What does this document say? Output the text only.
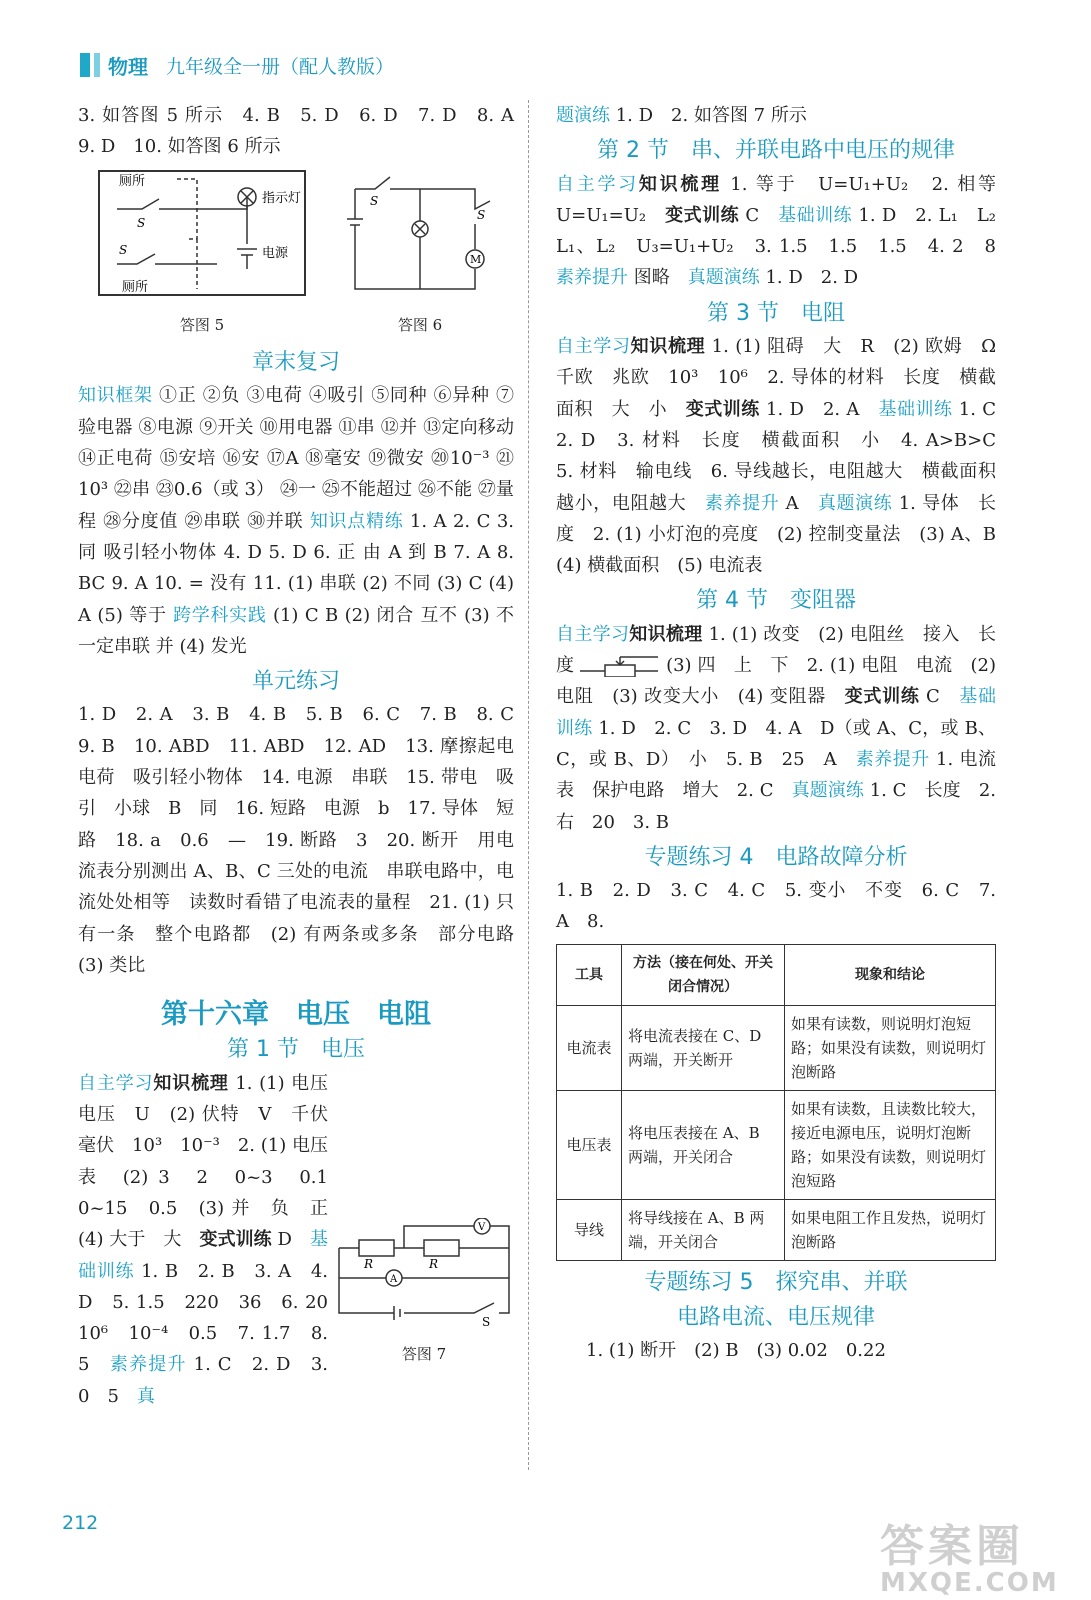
物理 九年级全一册（配人教版）

3. 如答图 5 所示　4. B　5. D　6. D　7. D　8. A　9. D　10. 如答图 6 所示

厕所
S
指示灯
S	电源
厕所
答图 5
S
S
M
答图 6
章末复习

知识框架 ①正 ②负 ③电荷 ④吸引 ⑤同种 ⑥异种 ⑦验电器 ⑧电源 ⑨开关 ⑩用电器 ⑪串 ⑫并 ⑬定向移动 ⑭正电荷 ⑮安培 ⑯安 ⑰A ⑱毫安 ⑲微安 ⑳10⁻³ ㉑10³ ㉒串 ㉓0.6（或 3） ㉔一 ㉕不能超过 ㉖不能 ㉗量程 ㉘分度值 ㉙串联 ㉚并联 知识点精练 1. A 2. C 3. 同 吸引轻小物体 4. D 5. D 6. 正 由 A 到 B 7. A 8. BC 9. A 10. = 没有 11. (1) 串联 (2) 不同 (3) C (4) A (5) 等于 跨学科实践 (1) C B (2) 闭合 互不 (3) 不一定串联 并 (4) 发光

单元练习

1. D　2. A　3. B　4. B　5. B　6. C　7. B　8. C　9. B　10. ABD　11. ABD　12. AD　13. 摩擦起电　电荷　吸引轻小物体　14. 电源　串联　15. 带电　吸引　小球　B　同　16. 短路　电源　b　17. 导体　短路　18. a　0.6　—　19. 断路　3　20. 断开　用电流表分别测出 A、B、C 三处的电流　串联电路中，电流处处相等　读数时看错了电流表的量程　21. (1) 只有一条　整个电路都　(2) 有两条或多条　部分电路　(3) 类比

第十六章　电压　电阻
第 1 节　电压

自主学习知识梳理 1. (1) 电压　电压　U　(2) 伏特　V　千伏　毫伏　10³　10⁻³　2. (1) 电压表　(2) 3　2　0~3　0.1　0~15　0.5　(3) 并　负　正　(4) 大于　大　变式训练 D　基础训练 1. B　2. B　3. A　4. D　5. 1.5　220　36　6. 20　10⁶　10⁻⁴　0.5　7. 1.7　8. 5　素养提升 1. C　2. D　3. 0　5　真

R	R
A
V
S
答图 7

题演练 1. D　2. 如答图 7 所示

第 2 节　串、并联电路中电压的规律

自主学习知识梳理 1. 等于　U=U₁+U₂　2. 相等　U=U₁=U₂　变式训练 C　基础训练 1. D　2. L₁　L₂　L₁、L₂　U₃=U₁+U₂　3. 1.5　1.5　1.5　4. 2　8　素养提升 图略　真题演练 1. D　2. D

第 3 节　电阻

自主学习知识梳理 1. (1) 阻碍　大　R　(2) 欧姆　Ω　千欧　兆欧　10³　10⁶　2. 导体的材料　长度　横截面积　大　小　变式训练 1. D　2. A　基础训练 1. C　2. D　3. 材料　长度　横截面积　小　4. A>B>C　5. 材料　输电线　6. 导线越长，电阻越大　横截面积越小，电阻越大　素养提升 A　真题演练 1. 导体　长度　2. (1) 小灯泡的亮度　(2) 控制变量法　(3) A、B　(4) 横截面积　(5) 电流表

第 4 节　变阻器

自主学习知识梳理 1. (1) 改变　(2) 电阻丝　接入　长度	(3) 四　上　下　2. (1) 电阻　电流　(2) 电阻　(3) 改变大小　(4) 变阻器　变式训练 C　基础训练 1. D　2. C　3. D　4. A　D（或 A、C，或 B、C，或 B、D）　小　5. B　25　A　素养提升 1. 电流表　保护电路　增大　2. C　真题演练 1. C　长度　2. 右　20　3. B

专题练习 4　电路故障分析

1. B　2. D　3. C　4. C　5. 变小　不变　6. C　7. A　8.

工具	方法（接在何处、开关闭合情况）	现象和结论
电流表	将电流表接在 C、D 两端，开关断开	如果有读数，则说明灯泡短路；如果没有读数，则说明灯泡断路
电压表	将电压表接在 A、B 两端，开关闭合	如果有读数，且读数比较大，接近电源电压，说明灯泡断路；如果没有读数，则说明灯泡短路
导线	将导线接在 A、B 两端，开关闭合	如果电阻工作且发热，说明灯泡断路
专题练习 5　探究串、并联
电路电流、电压规律

1. (1) 断开　(2) B　(3) 0.02　0.22

212	答案圈
MXQE.COM
